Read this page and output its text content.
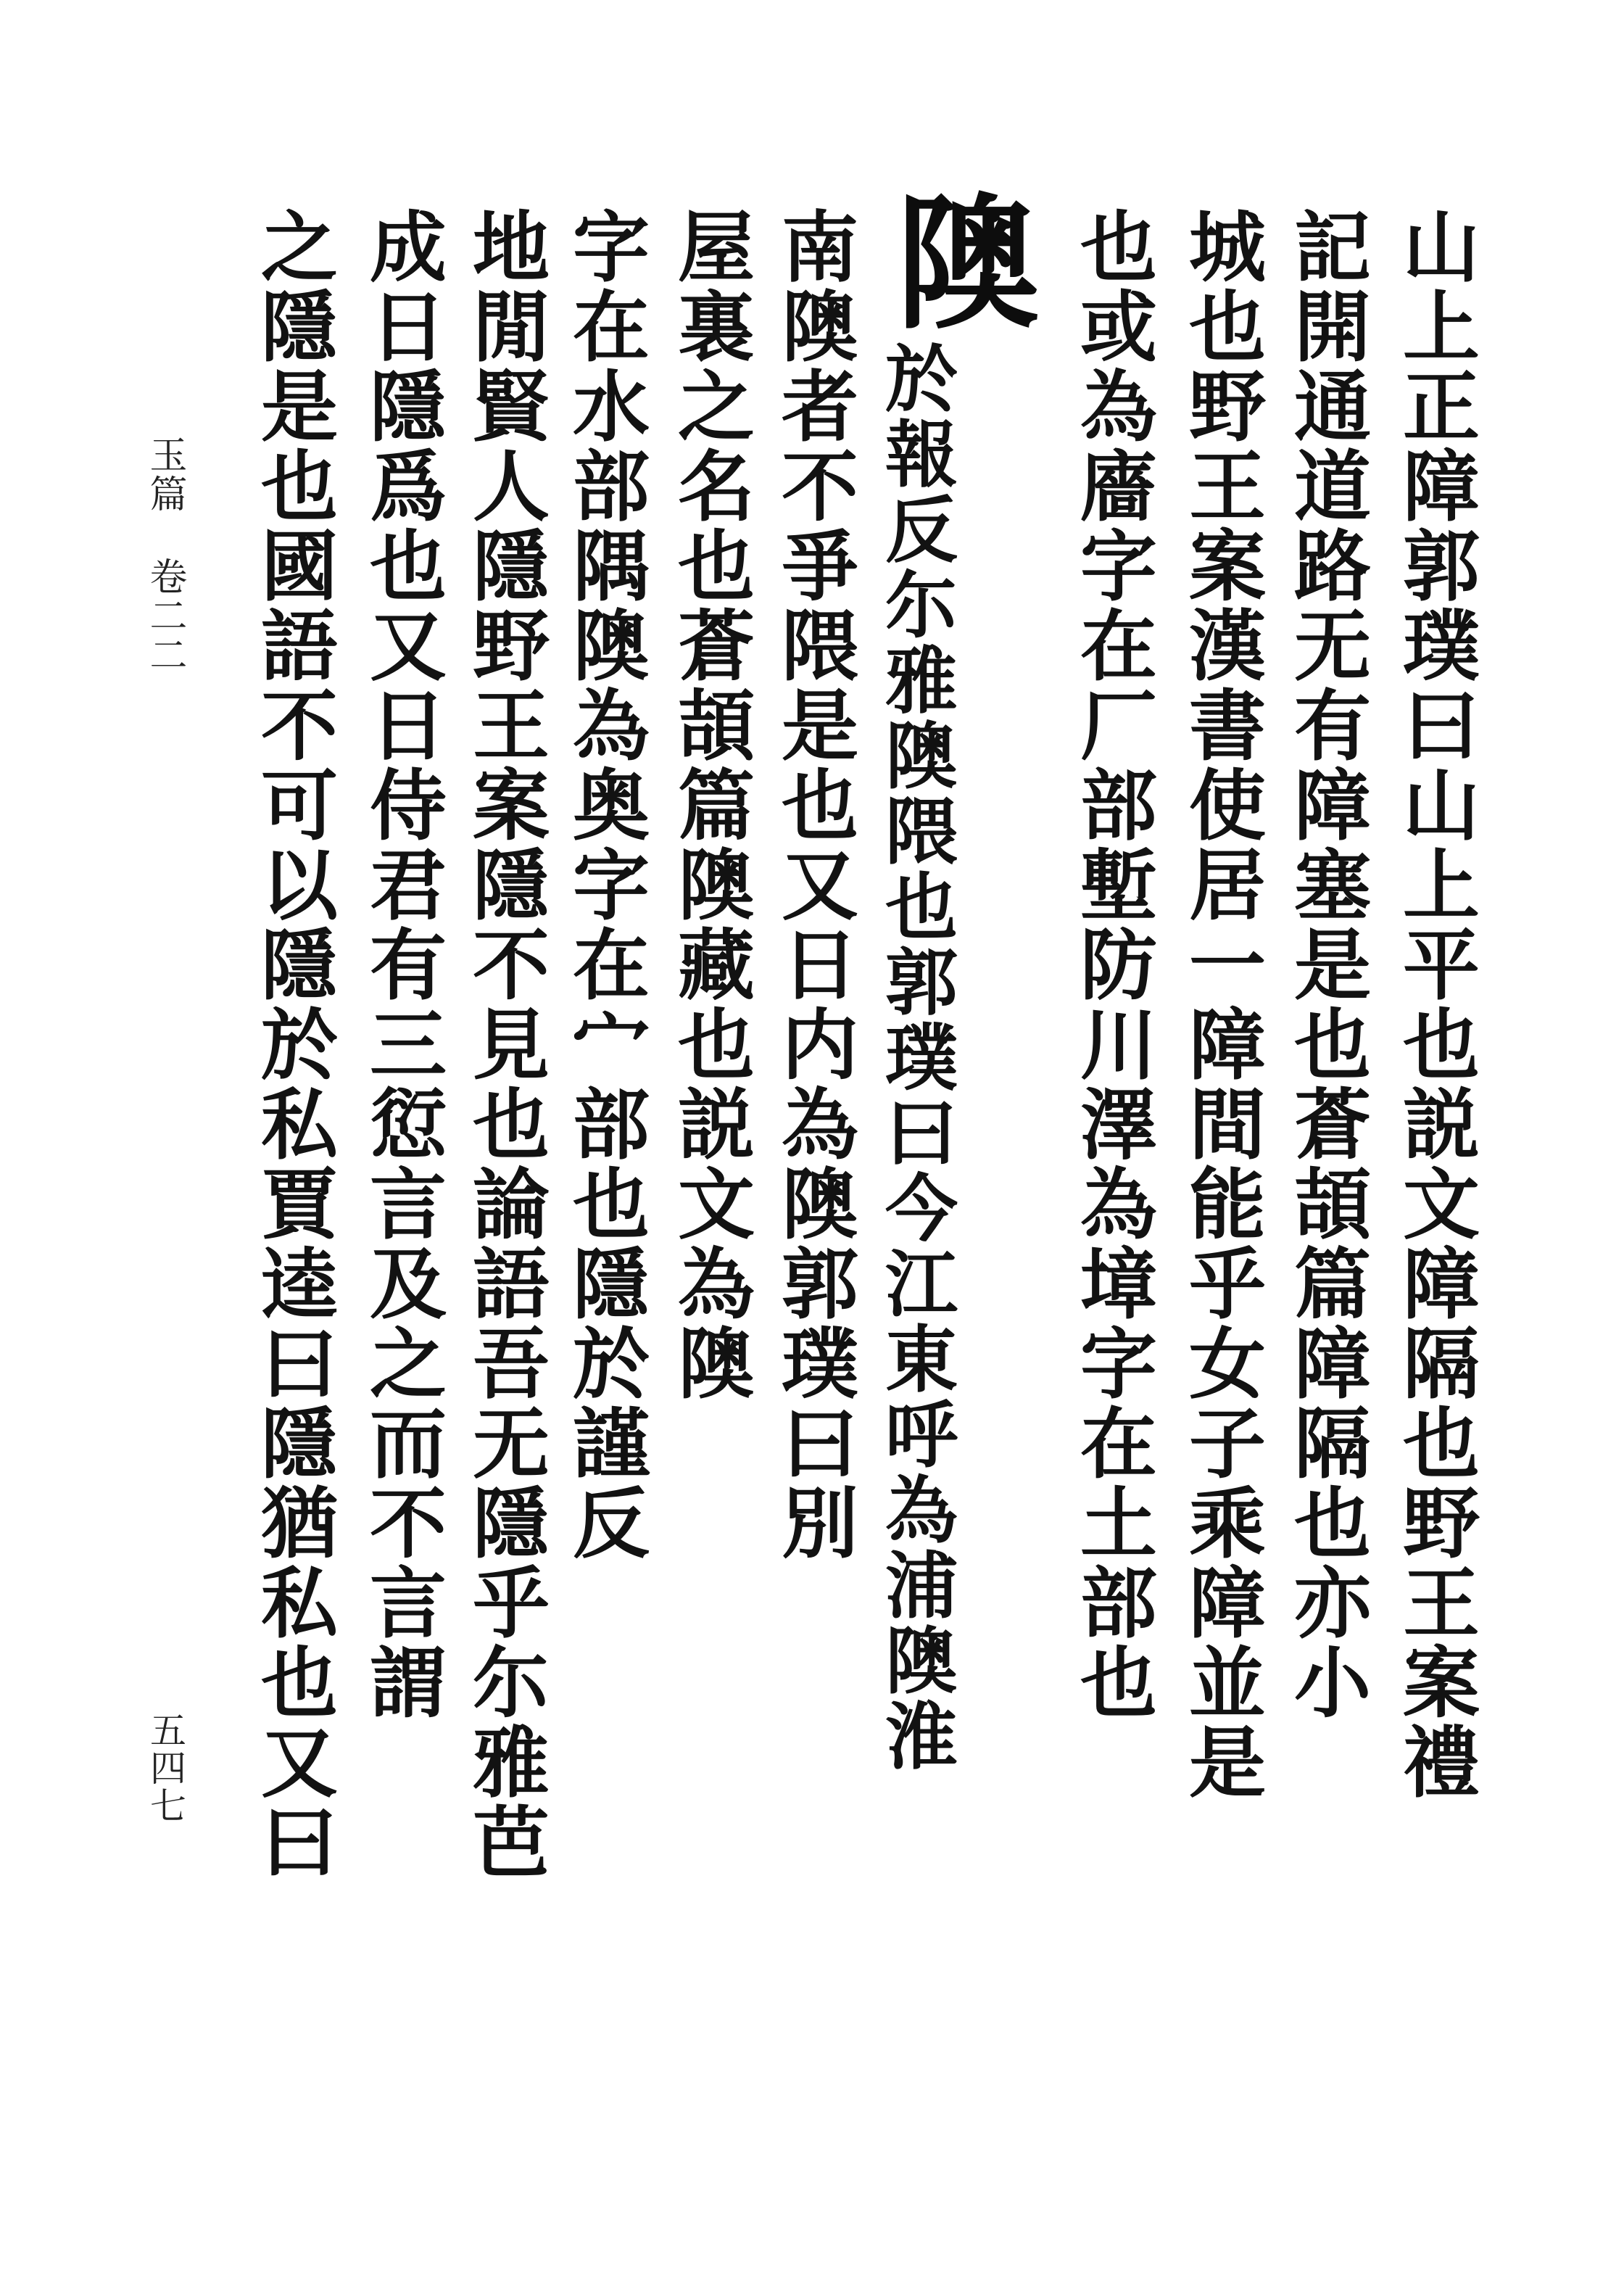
隩	山上正障郭璞曰山上平也説文障隔也野王案禮
記開通道路无有障塞是也蒼頡篇障隔也亦小
城也野王案漢書使居一障間能乎女子乘障並是
也或為廧字在厂部塹防川澤為墇字在土部也
於報反尓雅隩隈也郭璞曰今江東呼為浦隩淮
南隩者不爭隈是也又日内為隩郭璞曰別
屋裏之名也蒼頡篇隩藏也説文為隩
字在水部隅隩為奥字在宀部也隱於謹反
地閒賢人隱野王案隱不見也論語吾无隱乎尓雅芭
成日隱爲也又日侍君有三愆言及之而不言謂
之隱是也國語不可以隱於私賈逵曰隱猶私也又曰
玉篇卷二二
五四七
